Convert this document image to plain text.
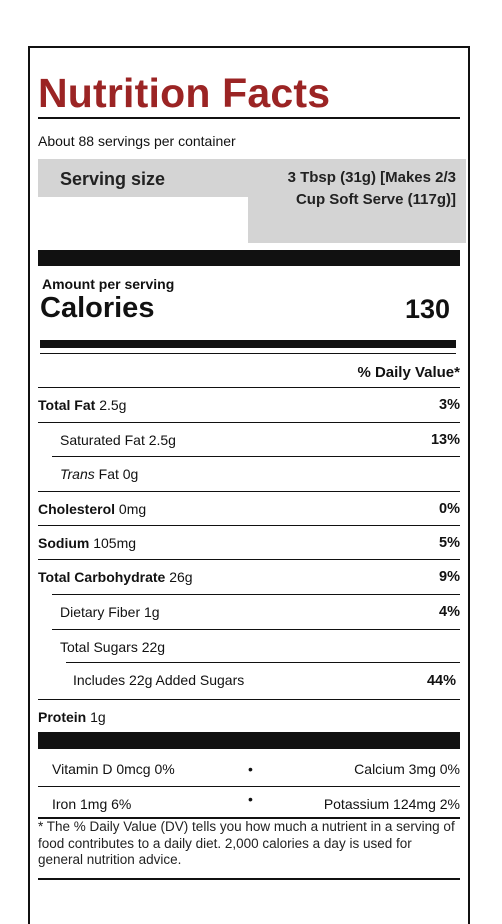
Nutrition Facts
About 88 servings per container
Serving size	3 Tbsp (31g) [Makes 2/3 Cup Soft Serve (117g)]
Amount per serving
Calories	130
% Daily Value*
Total Fat 2.5g	3%
Saturated Fat 2.5g	13%
Trans Fat 0g
Cholesterol 0mg	0%
Sodium 105mg	5%
Total Carbohydrate 26g	9%
Dietary Fiber 1g	4%
Total Sugars 22g
Includes 22g Added Sugars	44%
Protein 1g
Vitamin D 0mcg 0%	•	Calcium 3mg 0%
Iron 1mg 6%	•	Potassium 124mg 2%
* The % Daily Value (DV) tells you how much a nutrient in a serving of food contributes to a daily diet. 2,000 calories a day is used for general nutrition advice.
